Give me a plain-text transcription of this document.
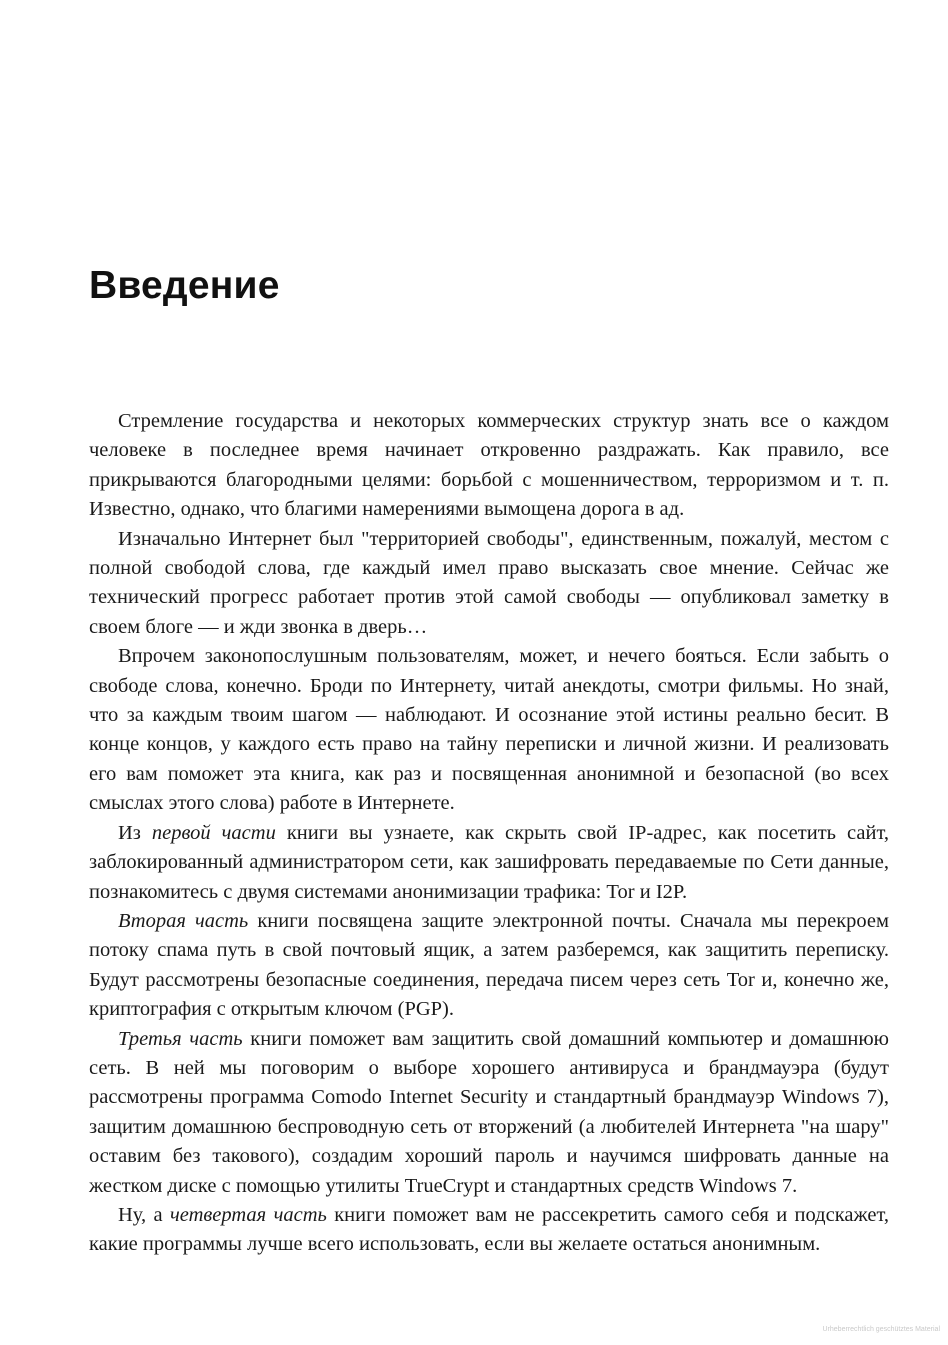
Введение

Стремление государства и некоторых коммерческих структур знать все о каждом человеке в последнее время начинает откровенно раздражать. Как правило, все прикрываются благородными целями: борьбой с мошенничеством, терроризмом и т. п. Известно, однако, что благими намерениями вымощена дорога в ад.

Изначально Интернет был "территорией свободы", единственным, пожалуй, местом с полной свободой слова, где каждый имел право высказать свое мнение. Сейчас же технический прогресс работает против этой самой свободы — опубликовал заметку в своем блоге — и жди звонка в дверь…

Впрочем законопослушным пользователям, может, и нечего бояться. Если забыть о свободе слова, конечно. Броди по Интернету, читай анекдоты, смотри фильмы. Но знай, что за каждым твоим шагом — наблюдают. И осознание этой истины реально бесит. В конце концов, у каждого есть право на тайну переписки и личной жизни. И реализовать его вам поможет эта книга, как раз и посвященная анонимной и безопасной (во всех смыслах этого слова) работе в Интернете.

Из первой части книги вы узнаете, как скрыть свой IP-адрес, как посетить сайт, заблокированный администратором сети, как зашифровать передаваемые по Сети данные, познакомитесь с двумя системами анонимизации трафика: Tor и I2P.

Вторая часть книги посвящена защите электронной почты. Сначала мы перекроем потоку спама путь в свой почтовый ящик, а затем разберемся, как защитить переписку. Будут рассмотрены безопасные соединения, передача писем через сеть Tor и, конечно же, криптография с открытым ключом (PGP).

Третья часть книги поможет вам защитить свой домашний компьютер и домашнюю сеть. В ней мы поговорим о выборе хорошего антивируса и брандмауэра (будут рассмотрены программа Comodo Internet Security и стандартный брандмауэр Windows 7), защитим домашнюю беспроводную сеть от вторжений (а любителей Интернета "на шару" оставим без такового), создадим хороший пароль и научимся шифровать данные на жестком диске с помощью утилиты TrueCrypt и стандартных средств Windows 7.

Ну, а четвертая часть книги поможет вам не рассекретить самого себя и подскажет, какие программы лучше всего использовать, если вы желаете остаться анонимным.

Urheberrechtlich geschütztes Material
